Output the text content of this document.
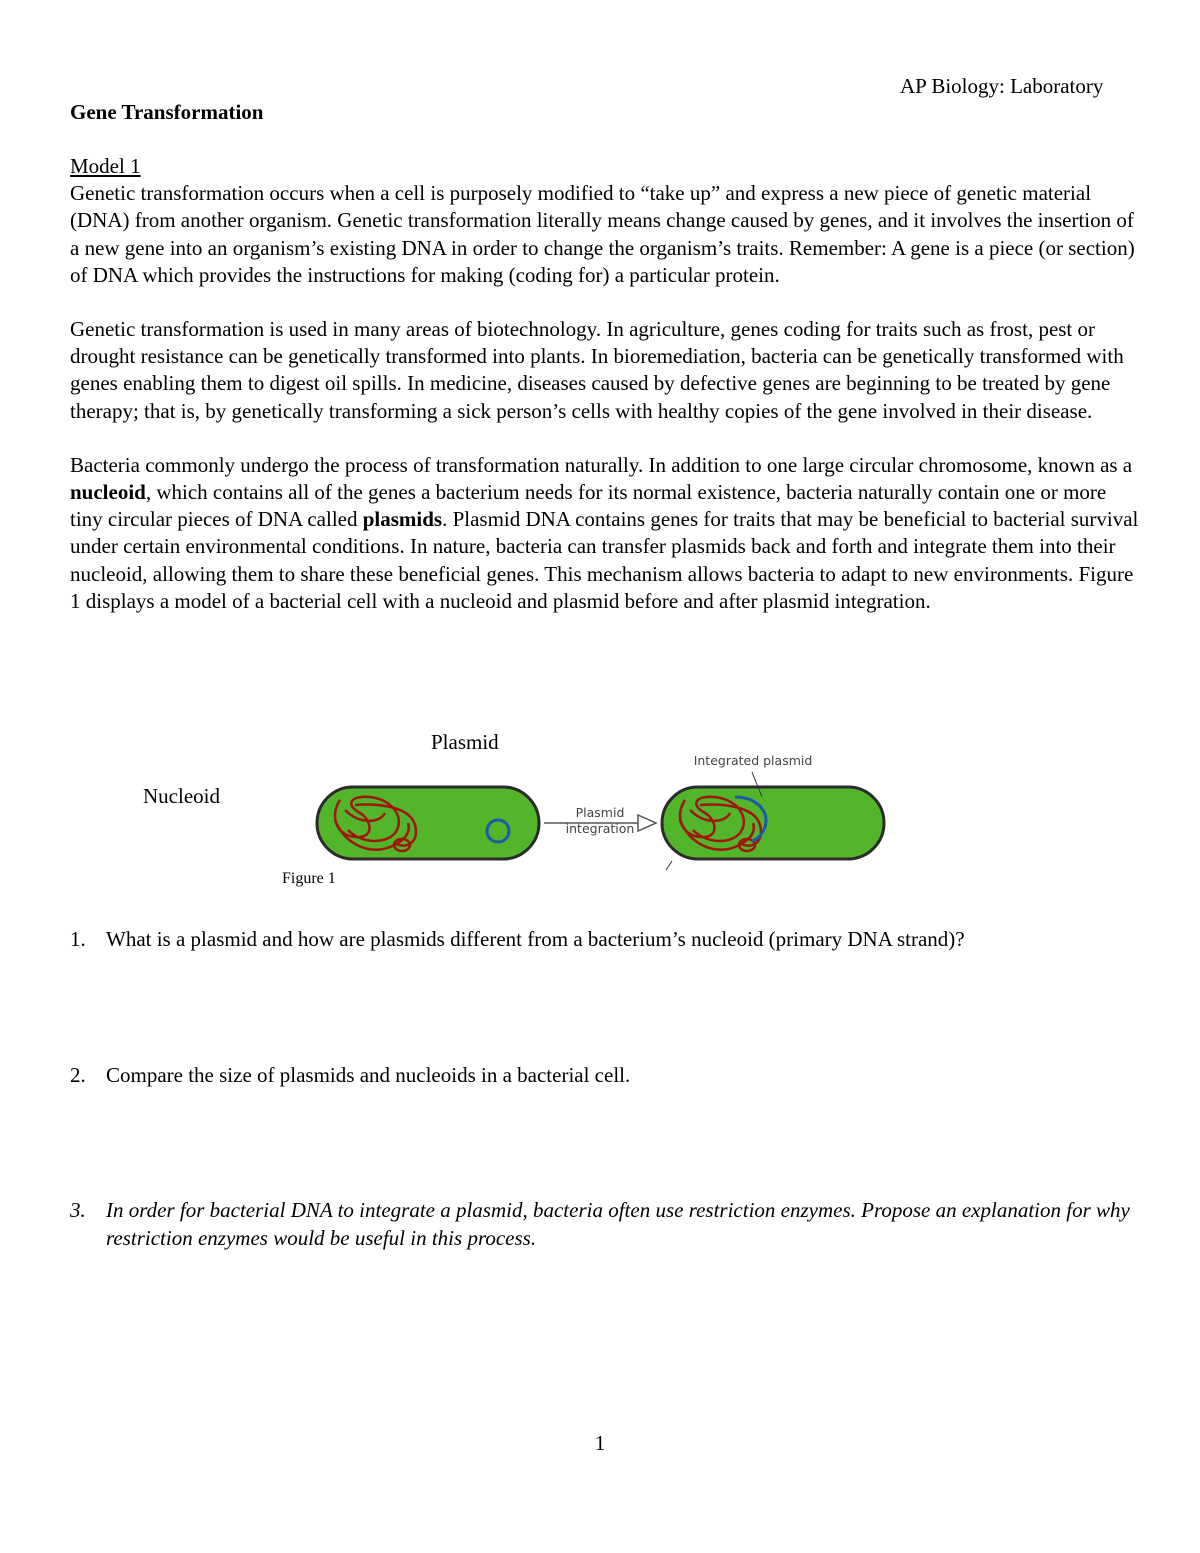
AP Biology: Laboratory
Gene Transformation
Model 1

Genetic transformation occurs when a cell is purposely modified to “take up” and express a new piece of genetic material (DNA) from another organism. Genetic transformation literally means change caused by genes, and it involves the insertion of a new gene into an organism’s existing DNA in order to change the organism’s traits. Remember: A gene is a piece (or section) of DNA which provides the instructions for making (coding for) a particular protein.

Genetic transformation is used in many areas of biotechnology. In agriculture, genes coding for traits such as frost, pest or drought resistance can be genetically transformed into plants. In bioremediation, bacteria can be genetically transformed with genes enabling them to digest oil spills. In medicine, diseases caused by defective genes are beginning to be treated by gene therapy; that is, by genetically transforming a sick person’s cells with healthy copies of the gene involved in their disease.

Bacteria commonly undergo the process of transformation naturally. In addition to one large circular chromosome, known as a nucleoid, which contains all of the genes a bacterium needs for its normal existence, bacteria naturally contain one or more tiny circular pieces of DNA called plasmids. Plasmid DNA contains genes for traits that may be beneficial to bacterial survival under certain environmental conditions. In nature, bacteria can transfer plasmids back and forth and integrate them into their nucleoid, allowing them to share these beneficial genes. This mechanism allows bacteria to adapt to new environments. Figure 1 displays a model of a bacterial cell with a nucleoid and plasmid before and after plasmid integration.

Plasmid
Nucleoid
Plasmid
integration
Integrated plasmid
Figure 1
1. What is a plasmid and how are plasmids different from a bacterium’s nucleoid (primary DNA strand)?
2. Compare the size of plasmids and nucleoids in a bacterial cell.
3. In order for bacterial DNA to integrate a plasmid, bacteria often use restriction enzymes. Propose an explanation for why restriction enzymes would be useful in this process.
1
